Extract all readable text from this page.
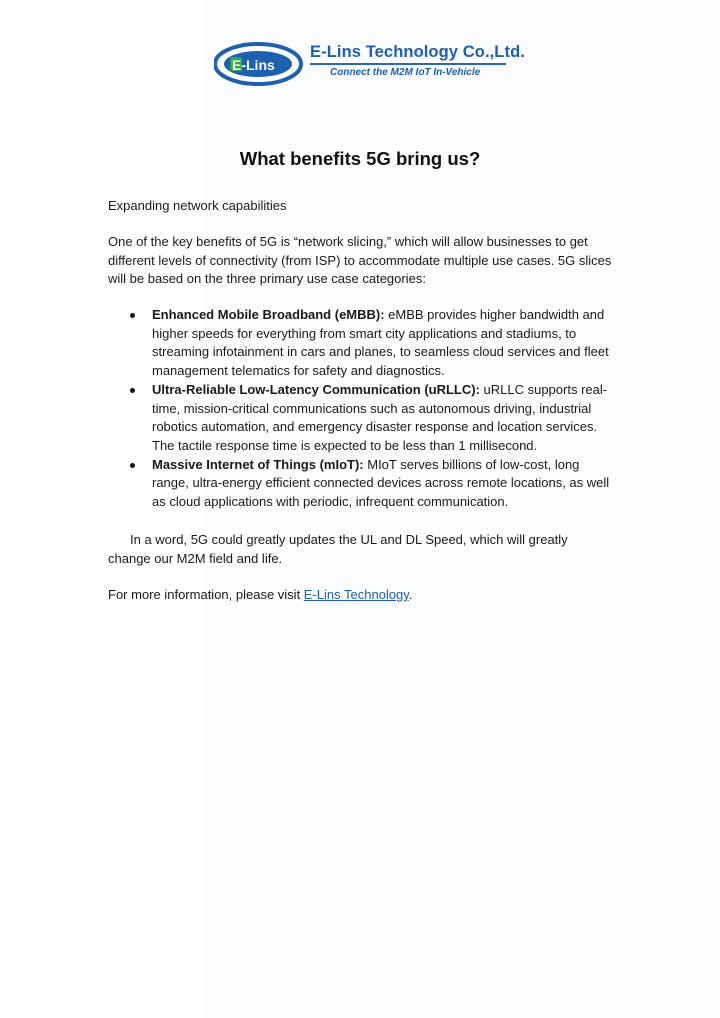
E-Lins
E-Lins Technology Co.,Ltd.
Connect the M2M IoT In-Vehicle
What benefits 5G bring us?
Expanding network capabilities
One of the key benefits of 5G is “network slicing,” which will allow businesses to get different levels of connectivity (from ISP) to accommodate multiple use cases. 5G slices will be based on the three primary use case categories:
Enhanced Mobile Broadband (eMBB): eMBB provides higher bandwidth and higher speeds for everything from smart city applications and stadiums, to streaming infotainment in cars and planes, to seamless cloud services and fleet management telematics for safety and diagnostics.
Ultra-Reliable Low-Latency Communication (uRLLC): uRLLC supports real-time, mission-critical communications such as autonomous driving, industrial robotics automation, and emergency disaster response and location services. The tactile response time is expected to be less than 1 millisecond.
Massive Internet of Things (mIoT): MIoT serves billions of low-cost, long range, ultra-energy efficient connected devices across remote locations, as well as cloud applications with periodic, infrequent communication.
In a word, 5G could greatly updates the UL and DL Speed, which will greatly change our M2M field and life.
For more information, please visit E-Lins Technology.
